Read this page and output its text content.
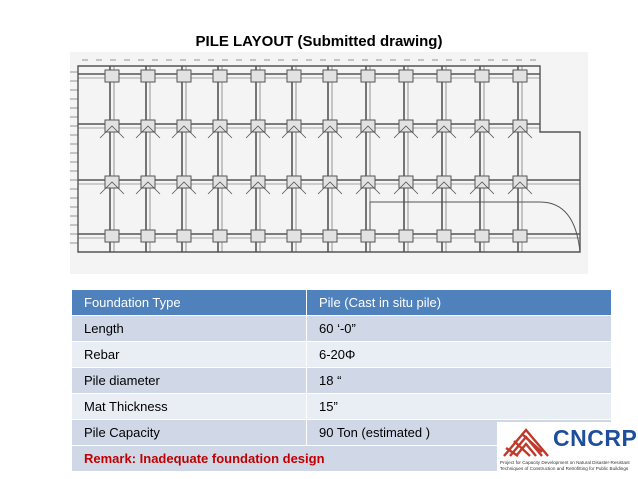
PILE LAYOUT (Submitted drawing)
Foundation Type	Pile (Cast in situ pile)
Length	60 ‘-0”
Rebar	6-20Φ
Pile diameter	18 “
Mat Thickness	15”
Pile Capacity	90 Ton (estimated )
Remark: Inadequate foundation design	
CNCRP
Project for Capacity Development on Natural Disaster-Resistant Techniques of Construction and Retrofitting for Public Buildings
